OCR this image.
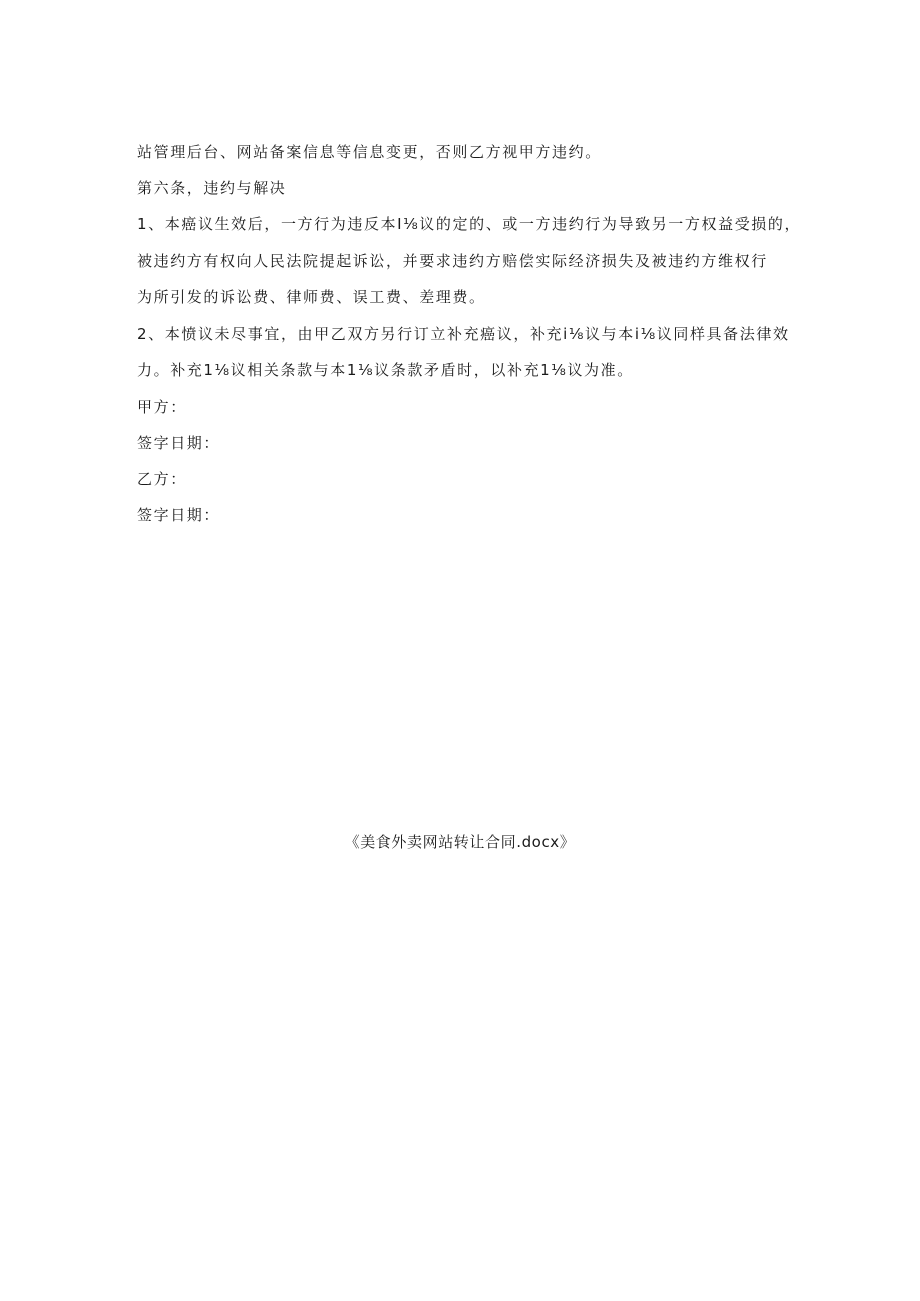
站管理后台、网站备案信息等信息变更，否则乙方视甲方违约。
第六条，违约与解决
1、本癌议生效后，一方行为违反本I⅛议的定的、或一方违约行为导致另一方权益受损的，
被违约方有权向人民法院提起诉讼，并要求违约方赔偿实际经济损失及被违约方维权行
为所引发的诉讼费、律师费、误工费、差理费。
2、本愤议未尽事宜，由甲乙双方另行订立补充癌议，补充i⅛议与本i⅛议同样具备法律效
力。补充1⅛议相关条款与本1⅛议条款矛盾时，以补充1⅛议为准。
甲方：
签字日期：
乙方：
签字日期：
《美食外卖网站转让合同.docx》
